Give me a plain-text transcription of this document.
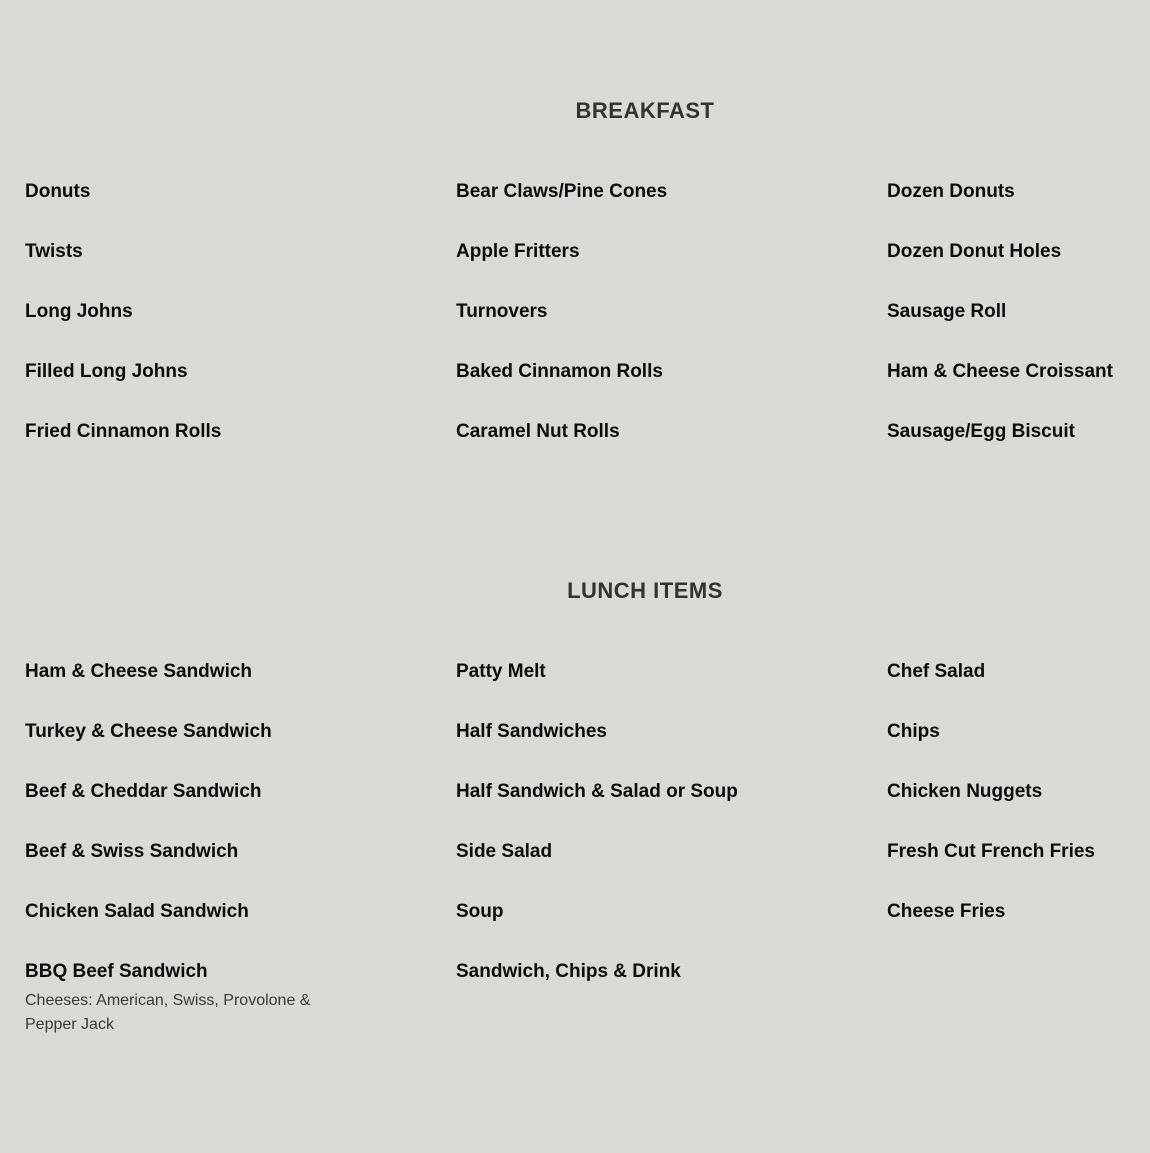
BREAKFAST
Donuts
Twists
Long Johns
Filled Long Johns
Fried Cinnamon Rolls
Bear Claws/Pine Cones
Apple Fritters
Turnovers
Baked Cinnamon Rolls
Caramel Nut Rolls
Dozen Donuts
Dozen Donut Holes
Sausage Roll
Ham & Cheese Croissant
Sausage/Egg Biscuit
LUNCH ITEMS
Ham & Cheese Sandwich
Turkey & Cheese Sandwich
Beef & Cheddar Sandwich
Beef & Swiss Sandwich
Chicken Salad Sandwich
BBQ Beef Sandwich
Cheeses: American, Swiss, Provolone & Pepper Jack
Patty Melt
Half Sandwiches
Half Sandwich & Salad or Soup
Side Salad
Soup
Sandwich, Chips & Drink
Chef Salad
Chips
Chicken Nuggets
Fresh Cut French Fries
Cheese Fries
